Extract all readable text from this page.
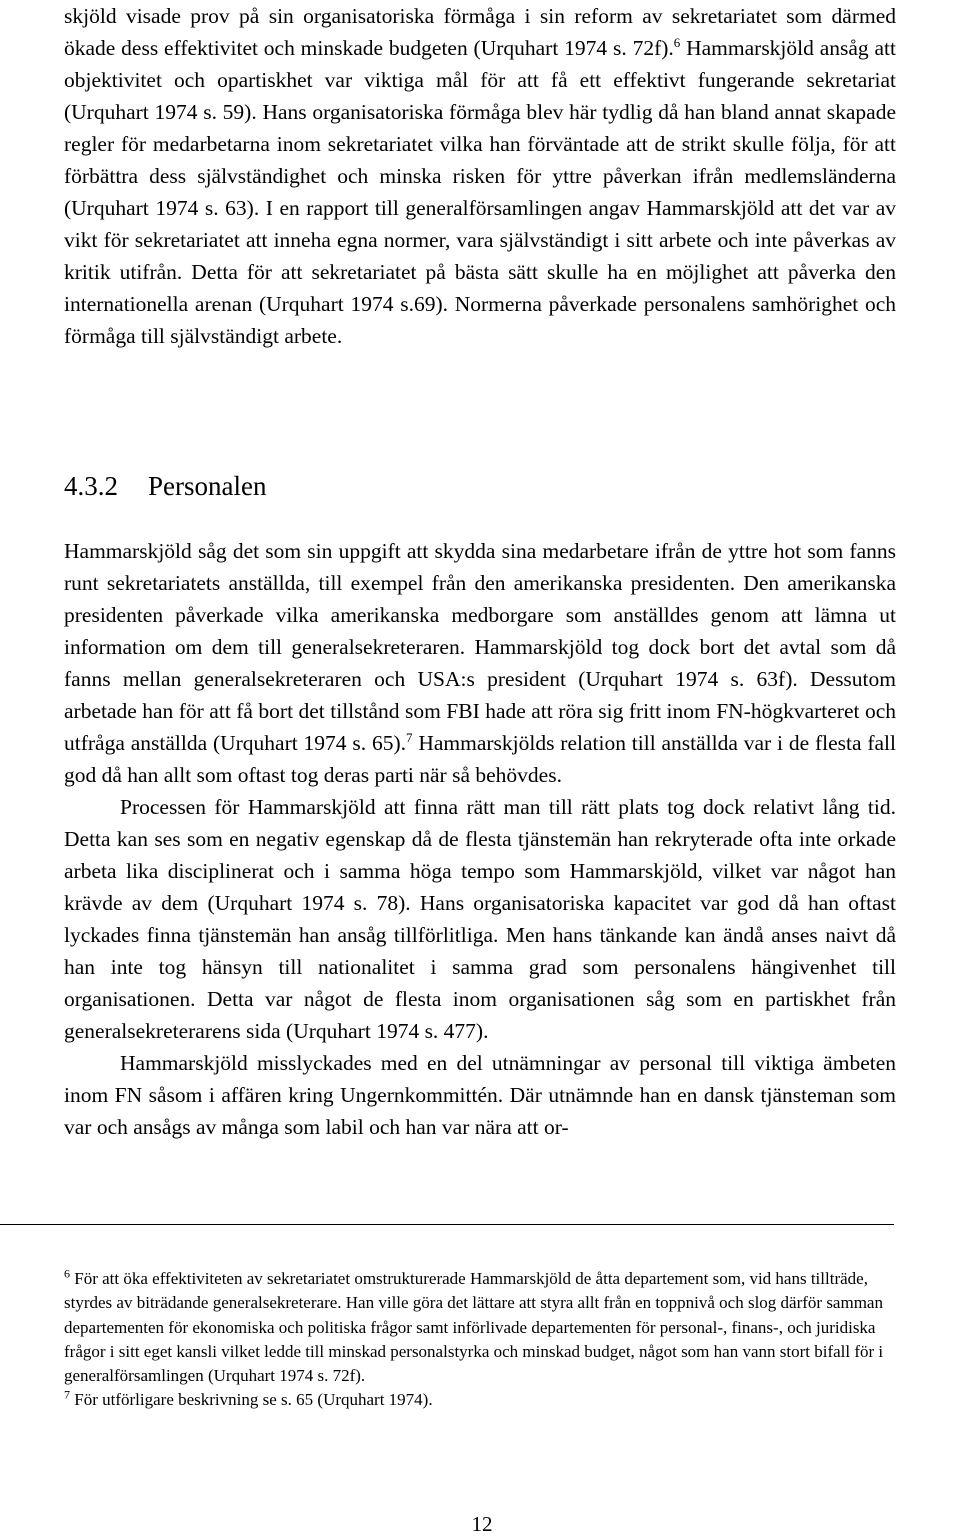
skjöld visade prov på sin organisatoriska förmåga i sin reform av sekretariatet som därmed ökade dess effektivitet och minskade budgeten (Urquhart 1974 s. 72f).$^6$ Hammarskjöld ansåg att objektivitet och opartiskhet var viktiga mål för att få ett effektivt fungerande sekretariat (Urquhart 1974 s. 59). Hans organisatoriska förmåga blev här tydlig då han bland annat skapade regler för medarbetarna inom sekretariatet vilka han förväntade att de strikt skulle följa, för att förbättra dess självständighet och minska risken för yttre påverkan ifrån medlemsländerna (Urquhart 1974 s. 63). I en rapport till generalförsamlingen angav Hammarskjöld att det var av vikt för sekretariatet att inneha egna normer, vara självständigt i sitt arbete och inte påverkas av kritik utifrån. Detta för att sekretariatet på bästa sätt skulle ha en möjlighet att påverka den internationella arenan (Urquhart 1974 s.69). Normerna påverkade personalens samhörighet och förmåga till självständigt arbete.

4.3.2 Personalen

Hammarskjöld såg det som sin uppgift att skydda sina medarbetare ifrån de yttre hot som fanns runt sekretariatets anställda, till exempel från den amerikanska presidenten. Den amerikanska presidenten påverkade vilka amerikanska medborgare som anställdes genom att lämna ut information om dem till generalsekreteraren. Hammarskjöld tog dock bort det avtal som då fanns mellan generalsekreteraren och USA:s president (Urquhart 1974 s. 63f). Dessutom arbetade han för att få bort det tillstånd som FBI hade att röra sig fritt inom FN-högkvarteret och utfråga anställda (Urquhart 1974 s. 65).$^7$ Hammarskjölds relation till anställda var i de flesta fall god då han allt som oftast tog deras parti när så behövdes.

Processen för Hammarskjöld att finna rätt man till rätt plats tog dock relativt lång tid. Detta kan ses som en negativ egenskap då de flesta tjänstemän han rekryterade ofta inte orkade arbeta lika disciplinerat och i samma höga tempo som Hammarskjöld, vilket var något han krävde av dem (Urquhart 1974 s. 78). Hans organisatoriska kapacitet var god då han oftast lyckades finna tjänstemän han ansåg tillförlitliga. Men hans tänkande kan ändå anses naivt då han inte tog hänsyn till nationalitet i samma grad som personalens hängivenhet till organisationen. Detta var något de flesta inom organisationen såg som en partiskhet från generalsekreterarens sida (Urquhart 1974 s. 477).

Hammarskjöld misslyckades med en del utnämningar av personal till viktiga ämbeten inom FN såsom i affären kring Ungernkommittén. Där utnämnde han en dansk tjänsteman som var och ansågs av många som labil och han var nära att or-

$^6$ För att öka effektiviteten av sekretariatet omstrukturerade Hammarskjöld de åtta departement som, vid hans tillträde, styrdes av biträdande generalsekreterare. Han ville göra det lättare att styra allt från en toppnivå och slog därför samman departementen för ekonomiska och politiska frågor samt införlivade departementen för personal-, finans-, och juridiska frågor i sitt eget kansli vilket ledde till minskad personalstyrka och minskad budget, något som han vann stort bifall för i generalförsamlingen (Urquhart 1974 s. 72f).

$^7$ För utförligare beskrivning se s. 65 (Urquhart 1974).

12
